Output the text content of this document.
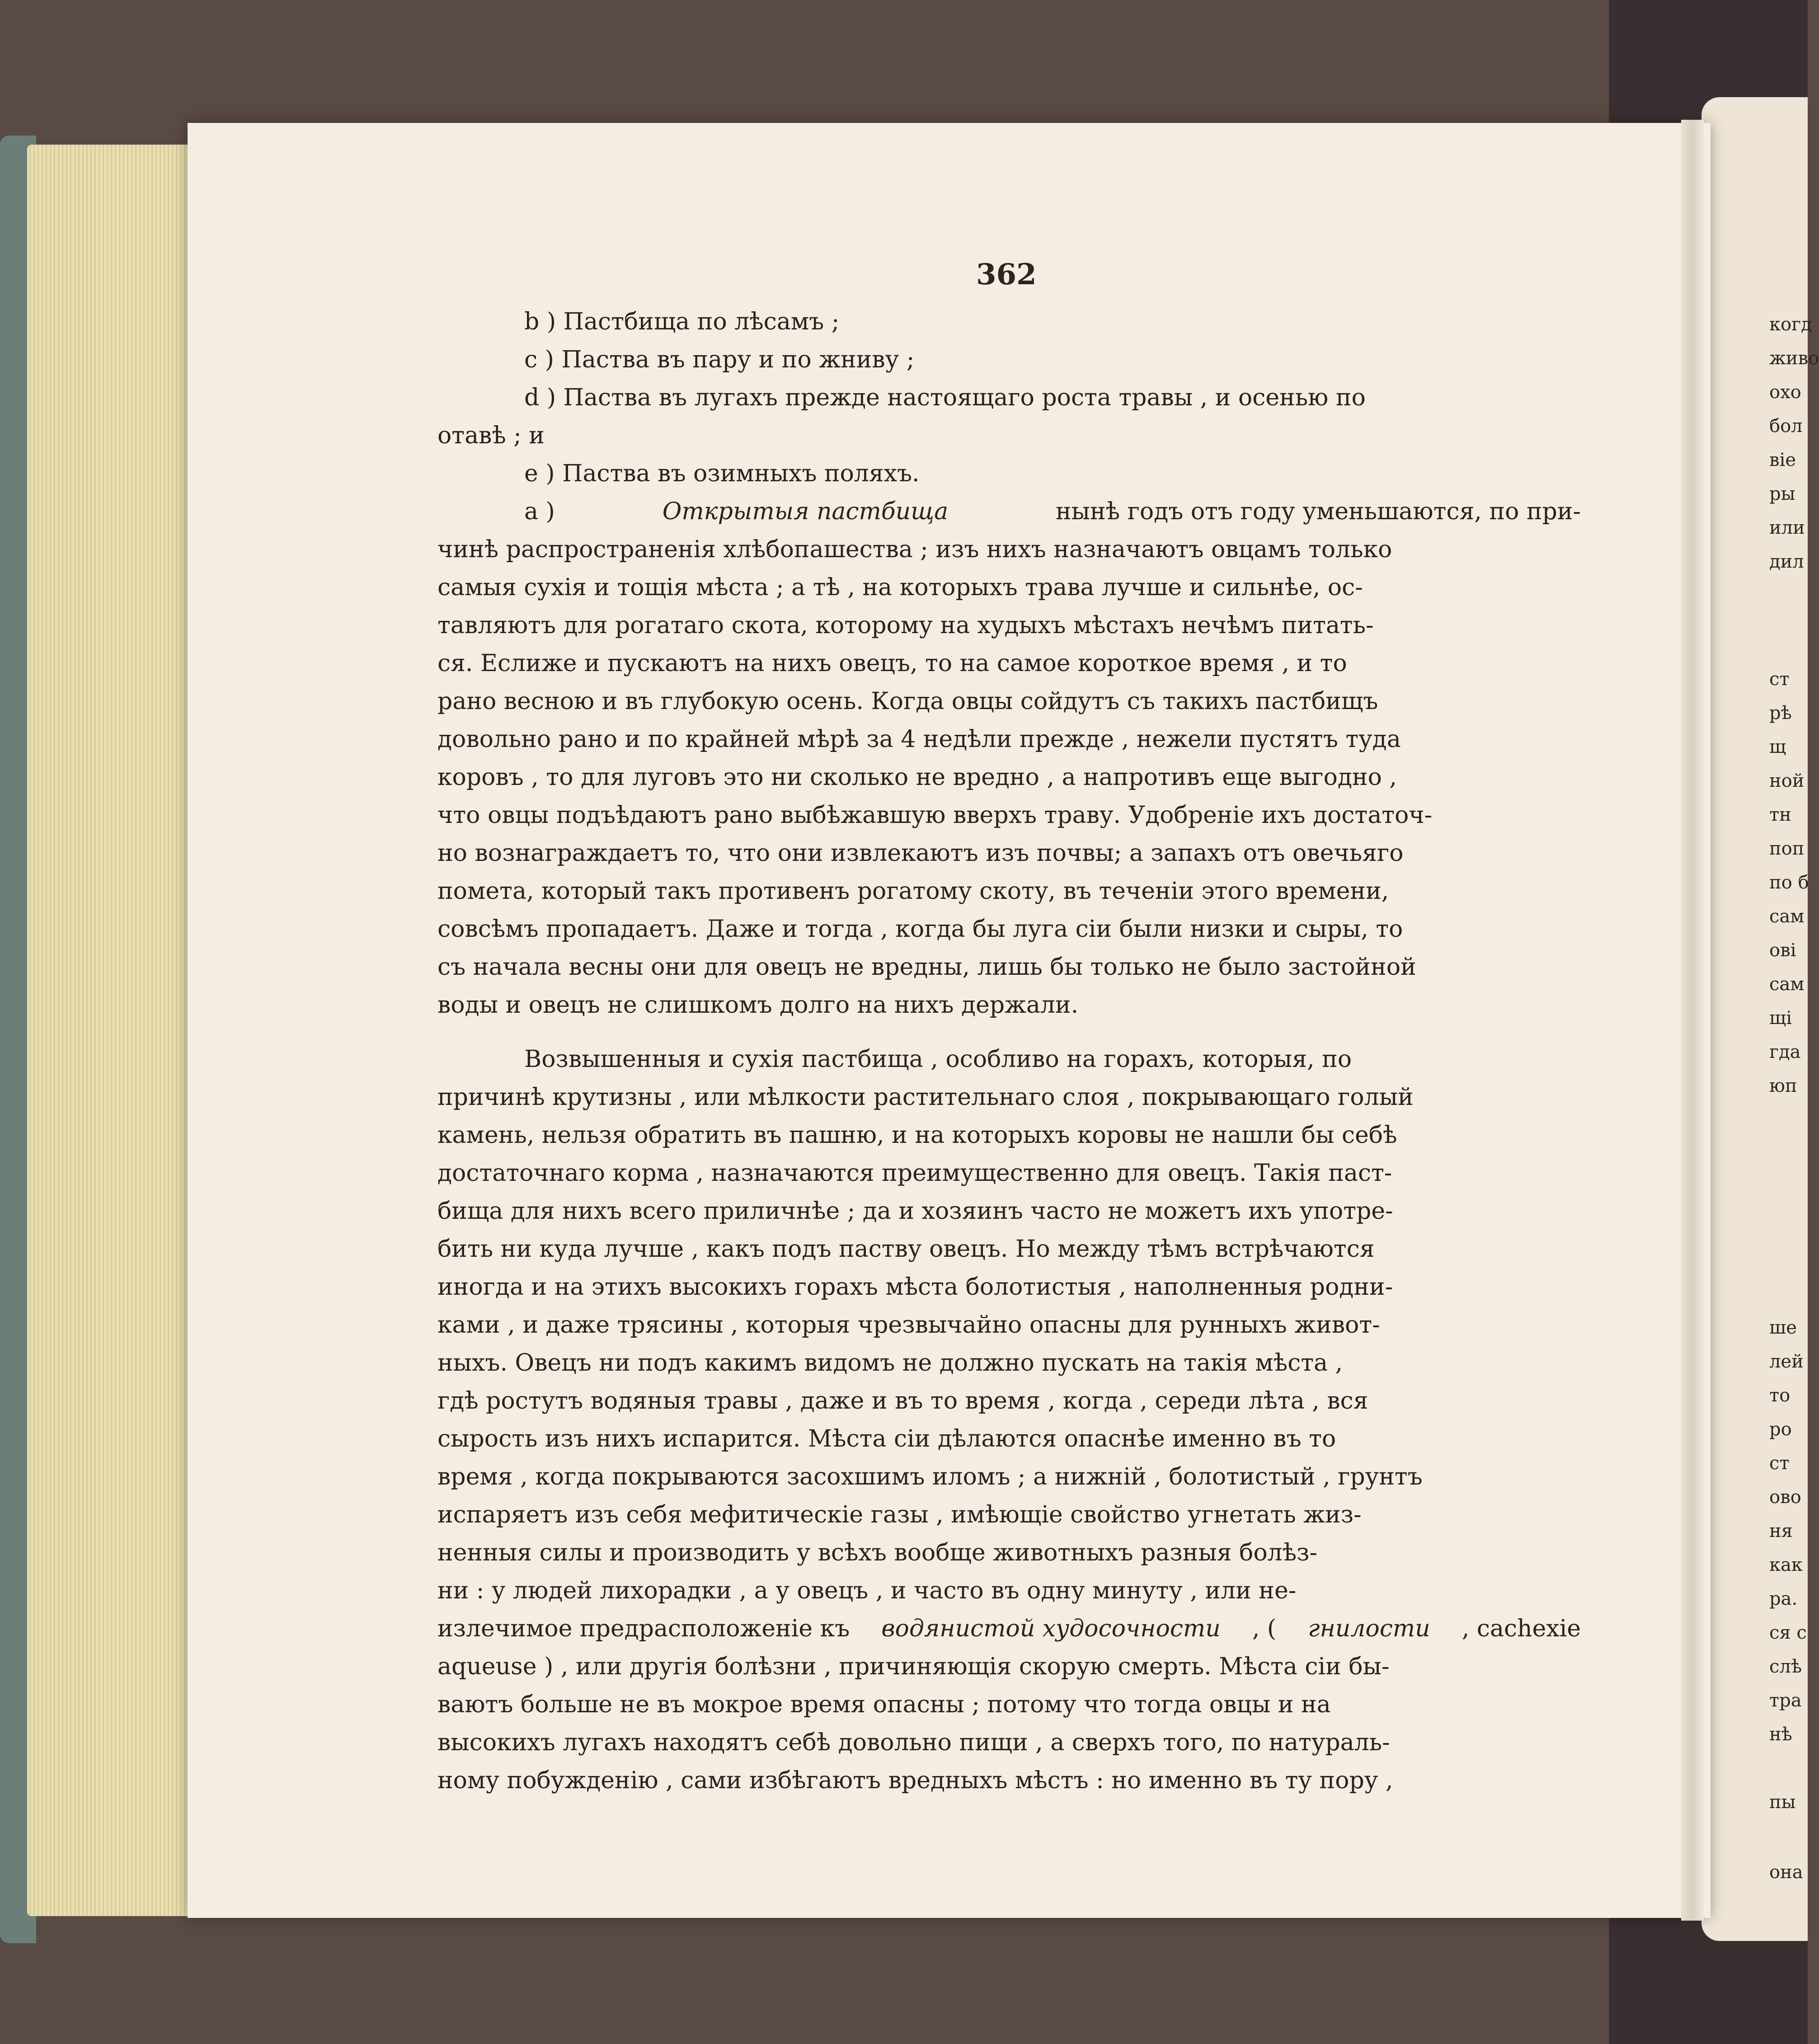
когд
живо
охо
бол
віе
ры
или
дил
ст
рѣ
щ
ной
тн
поп
по б
сам
ові
сам
щі
гда
юп
ше
лей
то
ро
ст
ово
ня
как
ра.
ся с
слѣ
тра
нѣ
пы
она
362
b ) Пастбища по лѣсамъ ;
c ) Паства въ пару и по жниву ;
d ) Паства въ лугахъ прежде настоящаго роста травы , и осенью по
отавѣ ; и
e ) Паства въ озимныхъ поляхъ.
a )	Открытыя пастбища	нынѣ годъ отъ году уменьшаются, по при-
чинѣ распространенія хлѣбопашества ; изъ нихъ назначаютъ овцамъ только
самыя сухія и тощія мѣста ; а тѣ , на которыхъ трава лучше и сильнѣе, ос-
тавляютъ для рогатаго скота, которому на худыхъ мѣстахъ нечѣмъ питать-
ся. Еслиже и пускаютъ на нихъ овецъ, то на самое короткое время , и то
рано весною и въ глубокую осень. Когда овцы сойдутъ съ такихъ пастбищъ
довольно рано и по крайней мѣрѣ за 4 недѣли прежде , нежели пустятъ туда
коровъ , то для луговъ это ни сколько не вредно , а напротивъ еще выгодно ,
что овцы подъѣдаютъ рано выбѣжавшую вверхъ траву. Удобреніе ихъ достаточ-
но вознаграждаетъ то, что они извлекаютъ изъ почвы; а запахъ отъ овечьяго
помета, который такъ противенъ рогатому скоту, въ теченіи этого времени,
совсѣмъ пропадаетъ. Даже и тогда , когда бы луга сіи были низки и сыры, то
съ начала весны они для овецъ не вредны, лишь бы только не было застойной
воды и овецъ не слишкомъ долго на нихъ держали.
Возвышенныя и сухія пастбища , особливо на горахъ, которыя, по
причинѣ крутизны , или мѣлкости растительнаго слоя , покрывающаго голый
камень, нельзя обратить въ пашню, и на которыхъ коровы не нашли бы себѣ
достаточнаго корма , назначаются преимущественно для овецъ. Такія паст-
бища для нихъ всего приличнѣе ; да и хозяинъ часто не можетъ ихъ употре-
бить ни куда лучше , какъ подъ паству овецъ. Но между тѣмъ встрѣчаются
иногда и на этихъ высокихъ горахъ мѣста болотистыя , наполненныя родни-
ками , и даже трясины , которыя чрезвычайно опасны для рунныхъ живот-
ныхъ. Овецъ ни подъ какимъ видомъ не должно пускать на такія мѣста ,
гдѣ ростутъ водяныя травы , даже и въ то время , когда , середи лѣта , вся
сырость изъ нихъ испарится. Мѣста сіи дѣлаются опаснѣе именно въ то
время , когда покрываются засохшимъ иломъ ; а нижній , болотистый , грунтъ
испаряетъ изъ себя мефитическіе газы , имѣющіе свойство угнетать жиз-
ненныя силы и производить у всѣхъ вообще животныхъ разныя болѣз-
ни : у людей лихорадки , а у овецъ , и часто въ одну минуту , или не-
излечимое предрасположеніе къ водянистой худосочности , ( гнилости , cachexie
aqueuse ) , или другія болѣзни , причиняющія скорую смерть. Мѣста сіи бы-
ваютъ больше не въ мокрое время опасны ; потому что тогда овцы и на
высокихъ лугахъ находятъ себѣ довольно пищи , а сверхъ того, по натураль-
ному побужденію , сами избѣгаютъ вредныхъ мѣстъ : но именно въ ту пору ,
